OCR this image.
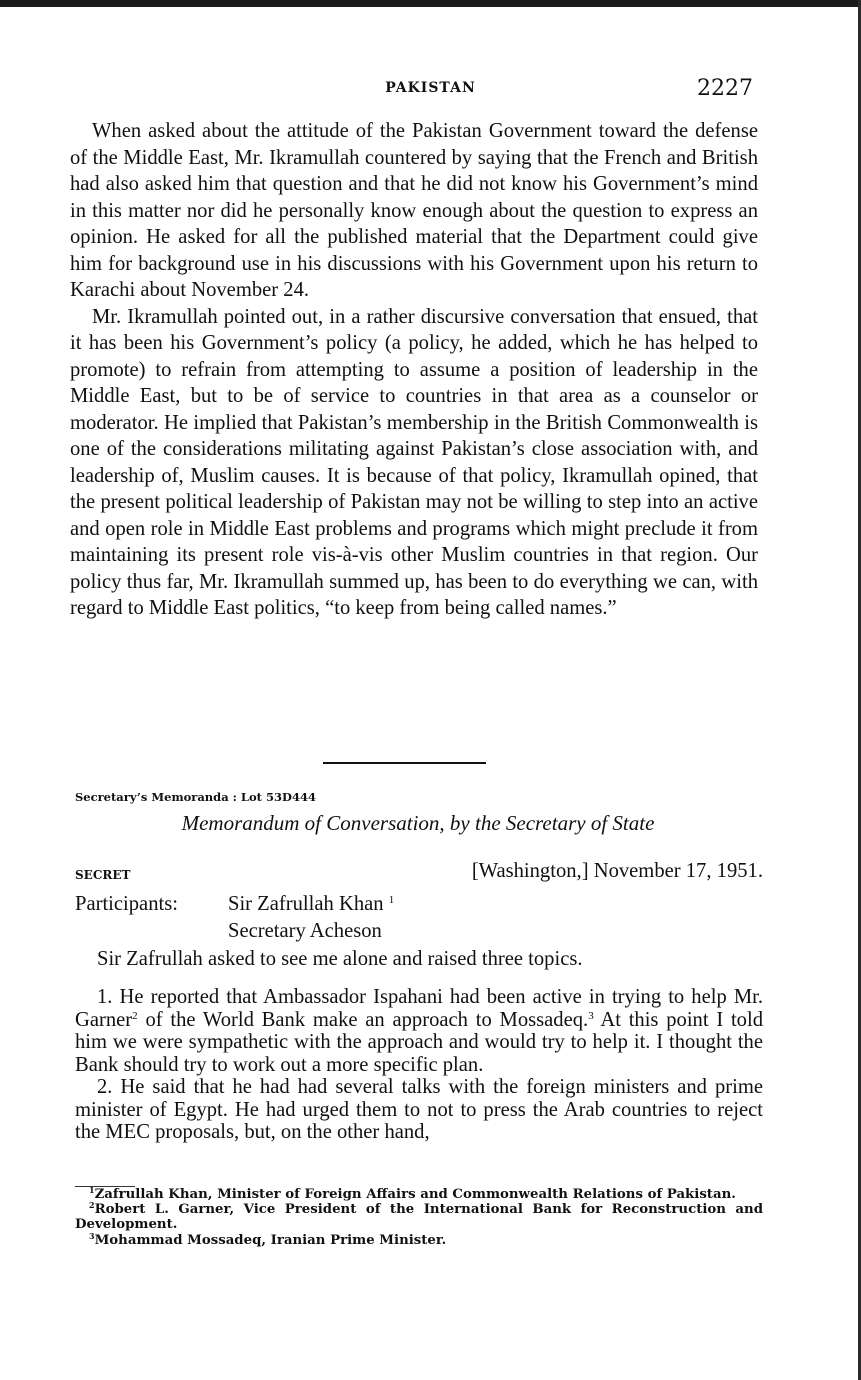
PAKISTAN	2227

When asked about the attitude of the Pakistan Government toward the defense of the Middle East, Mr. Ikramullah countered by saying that the French and British had also asked him that question and that he did not know his Government’s mind in this matter nor did he personally know enough about the question to express an opinion. He asked for all the published material that the Department could give him for background use in his discussions with his Government upon his return to Karachi about November 24.

Mr. Ikramullah pointed out, in a rather discursive conversation that ensued, that it has been his Government’s policy (a policy, he added, which he has helped to promote) to refrain from attempting to assume a position of leadership in the Middle East, but to be of service to countries in that area as a counselor or moderator. He implied that Pakistan’s membership in the British Commonwealth is one of the considerations militating against Pakistan’s close association with, and leadership of, Muslim causes. It is because of that policy, Ikramullah opined, that the present political leadership of Pakistan may not be willing to step into an active and open role in Middle East problems and programs which might preclude it from maintaining its present role vis-à-vis other Muslim countries in that region. Our policy thus far, Mr. Ikramullah summed up, has been to do everything we can, with regard to Middle East politics, “to keep from being called names.”

Secretary’s Memoranda : Lot 53D444
Memorandum of Conversation, by the Secretary of State
SECRET	[Washington,] November 17, 1951.
Participants: Sir Zafrullah Khan $^1$
Secretary Acheson

Sir Zafrullah asked to see me alone and raised three topics.

1. He reported that Ambassador Ispahani had been active in trying to help Mr. Garner$^2$ of the World Bank make an approach to Mossadeq.$^3$ At this point I told him we were sympathetic with the approach and would try to help it. I thought the Bank should try to work out a more specific plan.

2. He said that he had had several talks with the foreign ministers and prime minister of Egypt. He had urged them to not to press the Arab countries to reject the MEC proposals, but, on the other hand,

$^1$Zafrullah Khan, Minister of Foreign Affairs and Commonwealth Relations of Pakistan.

$^2$Robert L. Garner, Vice President of the International Bank for Reconstruction and Development.

$^3$Mohammad Mossadeq, Iranian Prime Minister.
